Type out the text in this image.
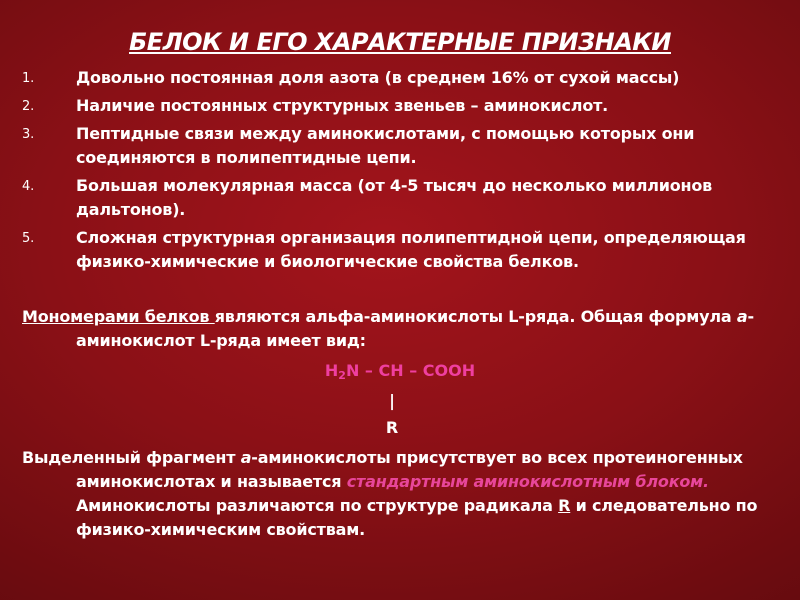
БЕЛОК И ЕГО ХАРАКТЕРНЫЕ ПРИЗНАКИ
1.	Довольно постоянная доля азота (в среднем 16% от сухой массы)
2.	Наличие постоянных структурных звеньев – аминокислот.
3.	Пептидные связи между аминокислотами, с помощью которых они соединяются в полипептидные цепи.
4.	Большая молекулярная масса (от 4-5 тысяч до несколько миллионов дальтонов).
5.	Сложная структурная организация полипептидной цепи, определяющая физико-химические и биологические свойства белков.

Мономерами белков являются альфа-аминокислоты L-ряда. Общая формула a-аминокислот L-ряда имеет вид:

$H_2N$ – CH – COOH
|
R

Выделенный фрагмент a-аминокислоты присутствует во всех протеиногенных аминокислотах и называется стандартным аминокислотным блоком. Аминокислоты различаются по структуре радикала R и следовательно по физико-химическим свойствам.
